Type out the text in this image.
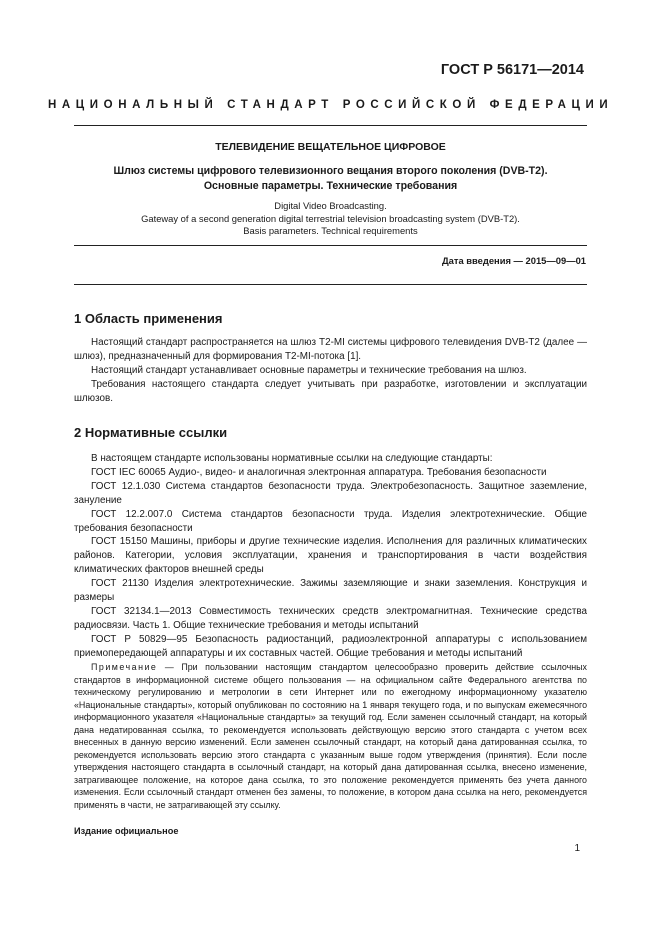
ГОСТ Р 56171—2014
НАЦИОНАЛЬНЫЙ СТАНДАРТ РОССИЙСКОЙ ФЕДЕРАЦИИ
ТЕЛЕВИДЕНИЕ ВЕЩАТЕЛЬНОЕ ЦИФРОВОЕ
Шлюз системы цифрового телевизионного вещания второго поколения (DVB-T2).
Основные параметры. Технические требования
Digital Video Broadcasting.
Gateway of a second generation digital terrestrial television broadcasting system (DVB-T2).
Basis parameters. Technical requirements
Дата введения — 2015—09—01
1 Область применения

Настоящий стандарт распространяется на шлюз T2-MI системы цифрового телевидения DVB-T2 (далее — шлюз), предназначенный для формирования T2-MI-потока [1].

Настоящий стандарт устанавливает основные параметры и технические требования на шлюз.

Требования настоящего стандарта следует учитывать при разработке, изготовлении и эксплуатации шлюзов.

2 Нормативные ссылки

В настоящем стандарте использованы нормативные ссылки на следующие стандарты:

ГОСТ IEC 60065 Аудио-, видео- и аналогичная электронная аппаратура. Требования безопасности

ГОСТ 12.1.030 Система стандартов безопасности труда. Электробезопасность. Защитное заземление, зануление

ГОСТ 12.2.007.0 Система стандартов безопасности труда. Изделия электротехнические. Общие требования безопасности

ГОСТ 15150 Машины, приборы и другие технические изделия. Исполнения для различных климатических районов. Категории, условия эксплуатации, хранения и транспортирования в части воздействия климатических факторов внешней среды

ГОСТ 21130 Изделия электротехнические. Зажимы заземляющие и знаки заземления. Конструкция и размеры

ГОСТ 32134.1—2013 Совместимость технических средств электромагнитная. Технические средства радиосвязи. Часть 1. Общие технические требования и методы испытаний

ГОСТ Р 50829—95 Безопасность радиостанций, радиоэлектронной аппаратуры с использованием приемопередающей аппаратуры и их составных частей. Общие требования и методы испытаний

Примечание — При пользовании настоящим стандартом целесообразно проверить действие ссылочных стандартов в информационной системе общего пользования — на официальном сайте Федерального агентства по техническому регулированию и метрологии в сети Интернет или по ежегодному информационному указателю «Национальные стандарты», который опубликован по состоянию на 1 января текущего года, и по выпускам ежемесячного информационного указателя «Национальные стандарты» за текущий год. Если заменен ссылочный стандарт, на который дана недатированная ссылка, то рекомендуется использовать действующую версию этого стандарта с учетом всех внесенных в данную версию изменений. Если заменен ссылочный стандарт, на который дана датированная ссылка, то рекомендуется использовать версию этого стандарта с указанным выше годом утверждения (принятия). Если после утверждения настоящего стандарта в ссылочный стандарт, на который дана датированная ссылка, внесено изменение, затрагивающее положение, на которое дана ссылка, то это положение рекомендуется применять без учета данного изменения. Если ссылочный стандарт отменен без замены, то положение, в котором дана ссылка на него, рекомендуется применять в части, не затрагивающей эту ссылку.

Издание официальное
1
